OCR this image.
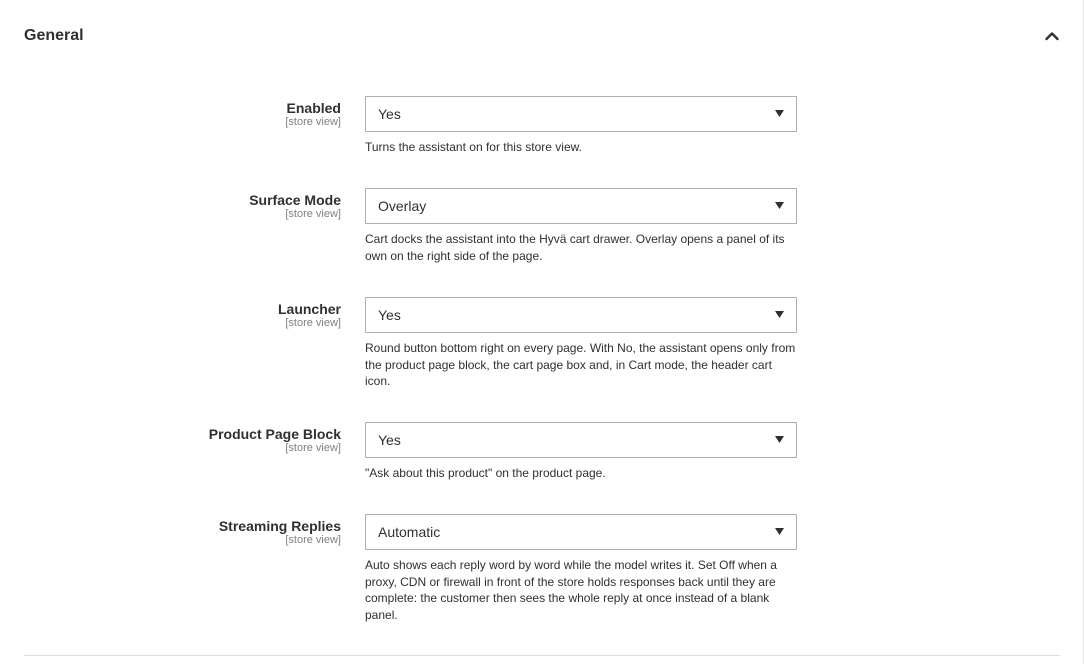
General
Enabled
[store view]	Yes
Turns the assistant on for this store view.
Surface Mode
[store view]	Overlay
Cart docks the assistant into the Hyvä cart drawer. Overlay opens a panel of its own on the right side of the page.
Launcher
[store view]	Yes
Round button bottom right on every page. With No, the assistant opens only from the product page block, the cart page box and, in Cart mode, the header cart icon.
Product Page Block
[store view]	Yes
"Ask about this product" on the product page.
Streaming Replies
[store view]	Automatic
Auto shows each reply word by word while the model writes it. Set Off when a proxy, CDN or firewall in front of the store holds responses back until they are complete: the customer then sees the whole reply at once instead of a blank panel.
